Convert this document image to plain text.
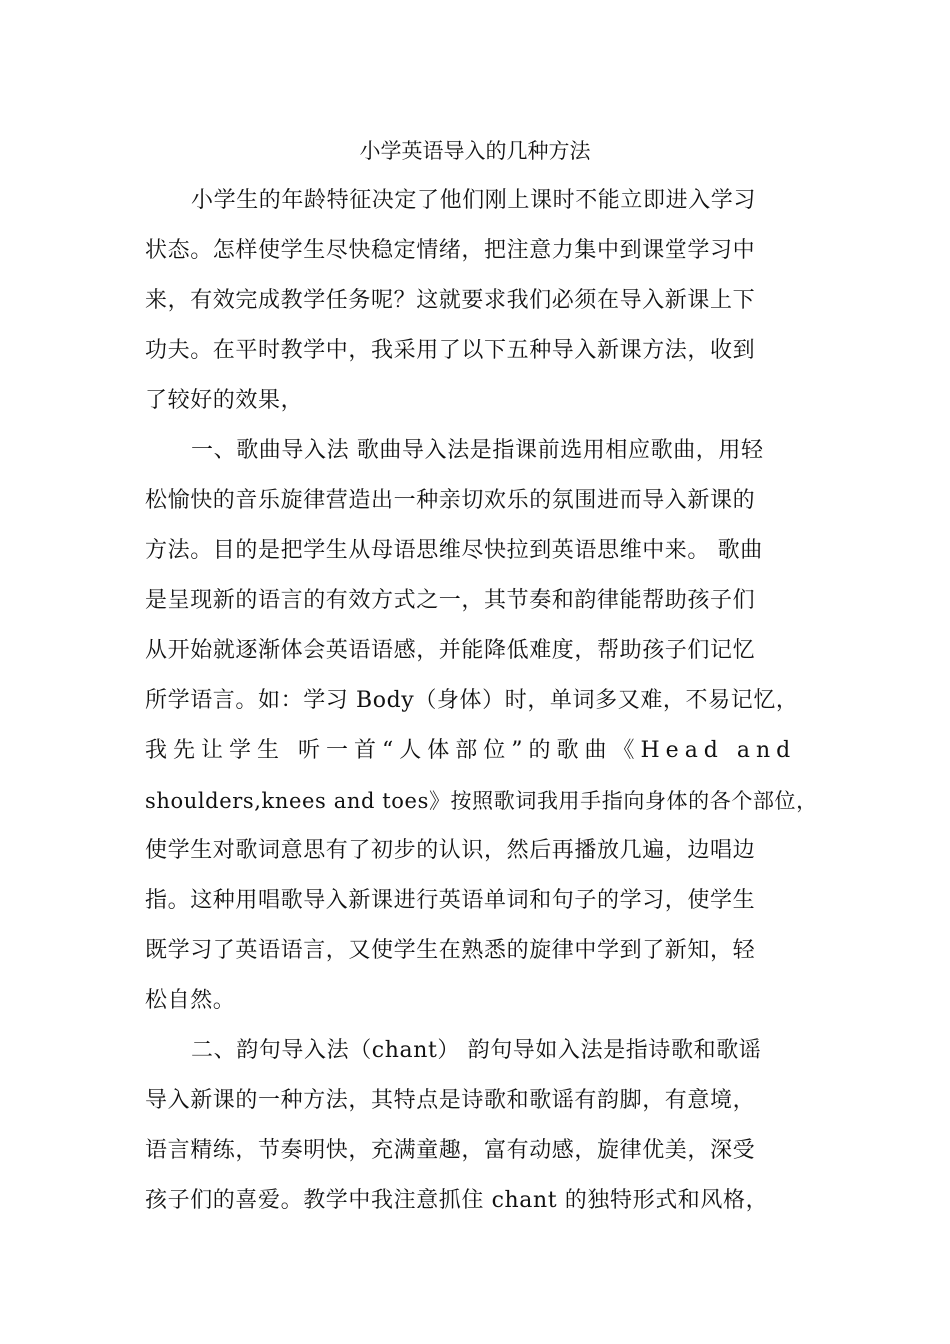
小学英语导入的几种方法
小学生的年龄特征决定了他们刚上课时不能立即进入学习
状态。怎样使学生尽快稳定情绪，把注意力集中到课堂学习中
来，有效完成教学任务呢？这就要求我们必须在导入新课上下
功夫。在平时教学中，我采用了以下五种导入新课方法，收到
了较好的效果，
一、歌曲导入法 歌曲导入法是指课前选用相应歌曲，用轻
松愉快的音乐旋律营造出一种亲切欢乐的氛围进而导入新课的
方法。目的是把学生从母语思维尽快拉到英语思维中来。 歌曲
是呈现新的语言的有效方式之一，其节奏和韵律能帮助孩子们
从开始就逐渐体会英语语感，并能降低难度，帮助孩子们记忆
所学语言。如：学习 Body（身体）时，单词多又难，不易记忆，
我先让学生 听一首“人体部位”的歌曲《Head and
shoulders,knees and toes》按照歌词我用手指向身体的各个部位，
使学生对歌词意思有了初步的认识，然后再播放几遍，边唱边
指。这种用唱歌导入新课进行英语单词和句子的学习，使学生
既学习了英语语言，又使学生在熟悉的旋律中学到了新知，轻
松自然。
二、韵句导入法（chant） 韵句导如入法是指诗歌和歌谣
导入新课的一种方法，其特点是诗歌和歌谣有韵脚，有意境，
语言精练，节奏明快，充满童趣，富有动感，旋律优美，深受
孩子们的喜爱。教学中我注意抓住 chant 的独特形式和风格，
